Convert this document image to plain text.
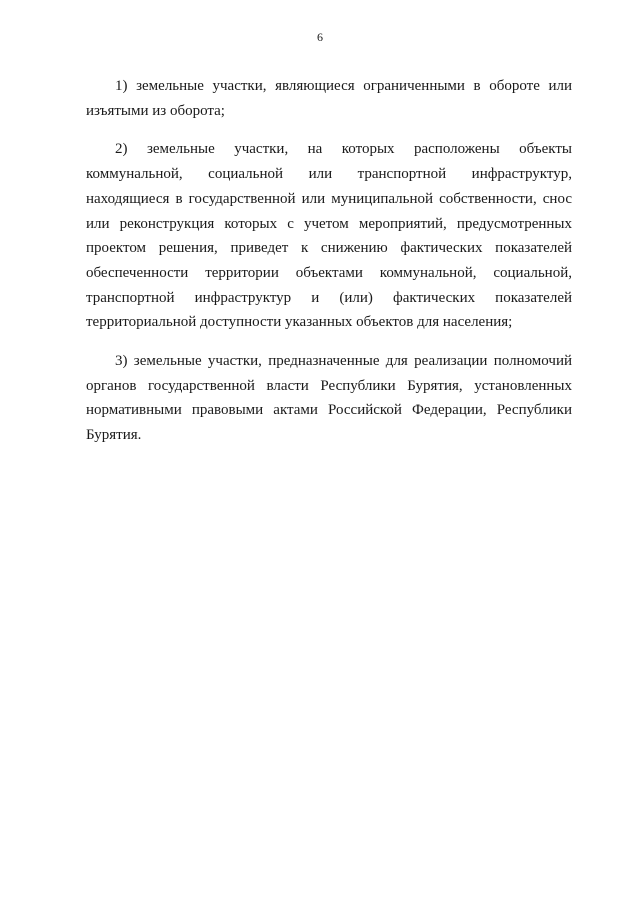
6
1) земельные участки, являющиеся ограниченными в обороте или
изъятыми из оборота;
2) земельные участки, на которых расположены объекты
коммунальной, социальной или транспортной инфраструктур,
находящиеся в государственной или муниципальной собственности, снос
или реконструкция которых с учетом мероприятий, предусмотренных
проектом решения, приведет к снижению фактических показателей
обеспеченности территории объектами коммунальной, социальной,
транспортной инфраструктур и (или) фактических показателей
территориальной доступности указанных объектов для населения;
3) земельные участки, предназначенные для реализации полномочий
органов государственной власти Республики Бурятия, установленных
нормативными правовыми актами Российской Федерации, Республики
Бурятия.
